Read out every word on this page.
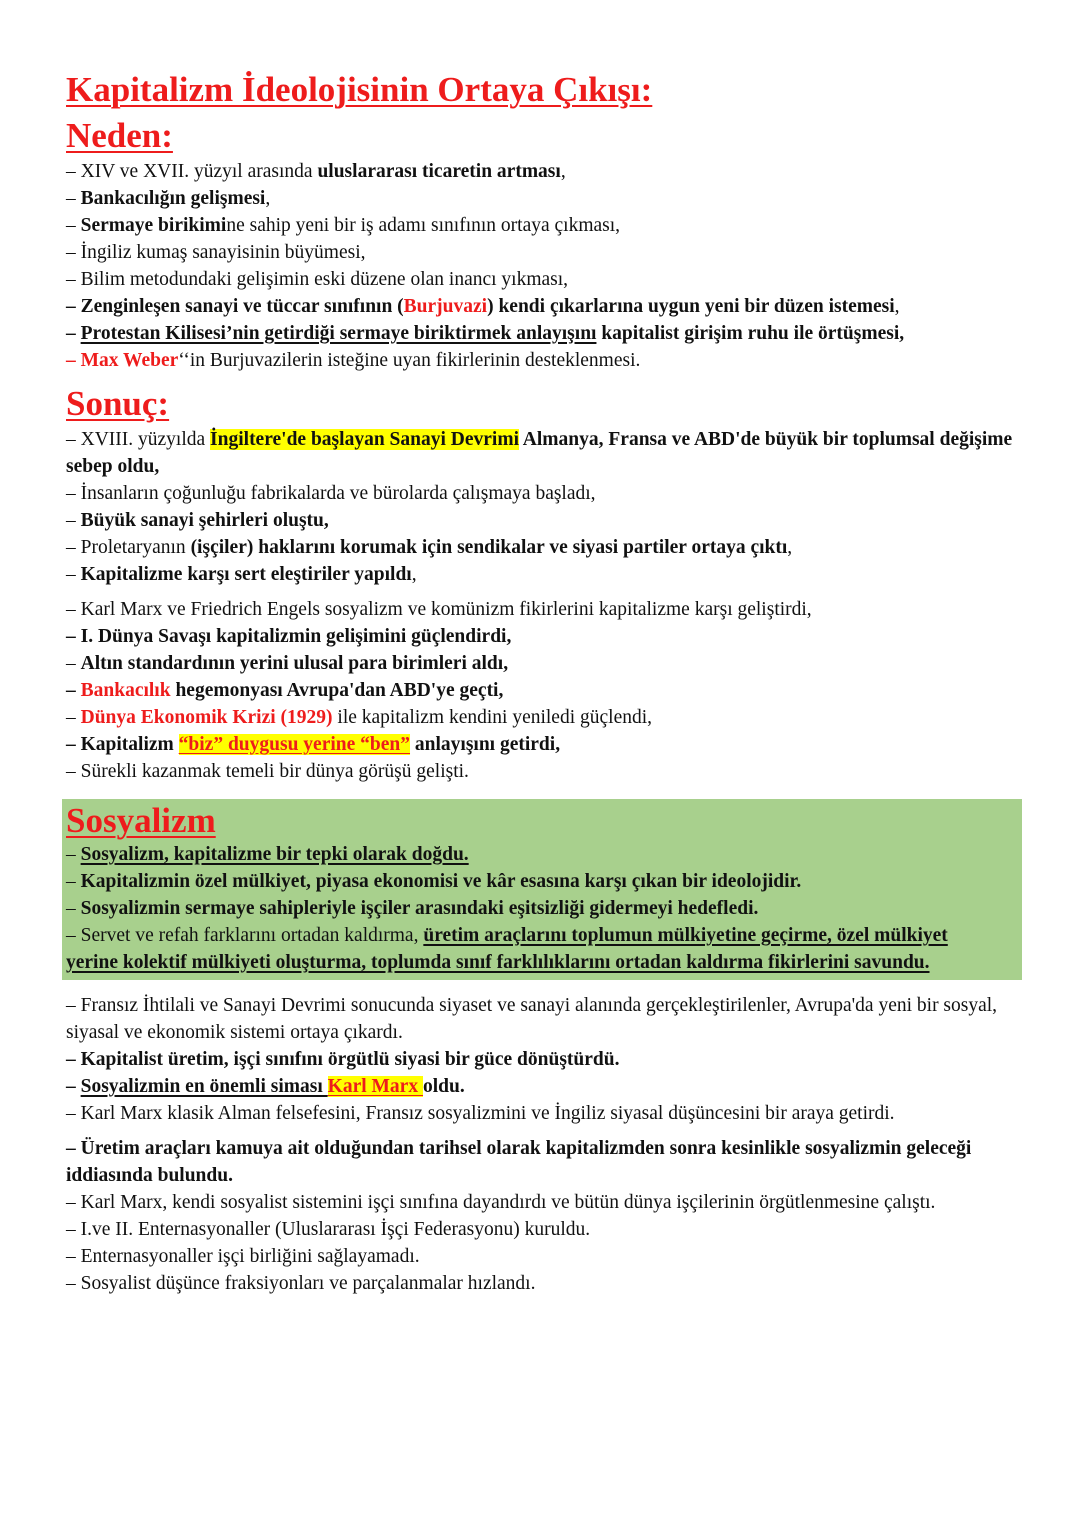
Kapitalizm İdeolojisinin Ortaya Çıkışı:
Neden:

– XIV ve XVII. yüzyıl arasında uluslararası ticaretin artması,

– Bankacılığın gelişmesi,

– Sermaye birikimine sahip yeni bir iş adamı sınıfının ortaya çıkması,

– İngiliz kumaş sanayisinin büyümesi,

– Bilim metodundaki gelişimin eski düzene olan inancı yıkması,

– Zenginleşen sanayi ve tüccar sınıfının (Burjuvazi) kendi çıkarlarına uygun yeni bir düzen istemesi,

– Protestan Kilisesi’nin getirdiği sermaye biriktirmek anlayışını kapitalist girişim ruhu ile örtüşmesi,

– Max Weber‘‘in Burjuvazilerin isteğine uyan fikirlerinin desteklenmesi.

Sonuç:

– XVIII. yüzyılda İngiltere'de başlayan Sanayi Devrimi Almanya, Fransa ve ABD'de büyük bir toplumsal değişime sebep oldu,

– İnsanların çoğunluğu fabrikalarda ve bürolarda çalışmaya başladı,

– Büyük sanayi şehirleri oluştu,

– Proletaryanın (işçiler) haklarını korumak için sendikalar ve siyasi partiler ortaya çıktı,

– Kapitalizme karşı sert eleştiriler yapıldı,

– Karl Marx ve Friedrich Engels sosyalizm ve komünizm fikirlerini kapitalizme karşı geliştirdi,

– I. Dünya Savaşı kapitalizmin gelişimini güçlendirdi,

– Altın standardının yerini ulusal para birimleri aldı,

– Bankacılık hegemonyası Avrupa'dan ABD'ye geçti,

– Dünya Ekonomik Krizi (1929) ile kapitalizm kendini yeniledi güçlendi,

– Kapitalizm “biz” duygusu yerine “ben” anlayışını getirdi,

– Sürekli kazanmak temeli bir dünya görüşü gelişti.

Sosyalizm

– Sosyalizm, kapitalizme bir tepki olarak doğdu.

– Kapitalizmin özel mülkiyet, piyasa ekonomisi ve kâr esasına karşı çıkan bir ideolojidir.

– Sosyalizmin sermaye sahipleriyle işçiler arasındaki eşitsizliği gidermeyi hedefledi.

– Servet ve refah farklarını ortadan kaldırma, üretim araçlarını toplumun mülkiyetine geçirme, özel mülkiyet yerine kolektif mülkiyeti oluşturma, toplumda sınıf farklılıklarını ortadan kaldırma fikirlerini savundu.

– Fransız İhtilali ve Sanayi Devrimi sonucunda siyaset ve sanayi alanında gerçekleştirilenler, Avrupa'da yeni bir sosyal, siyasal ve ekonomik sistemi ortaya çıkardı.

– Kapitalist üretim, işçi sınıfını örgütlü siyasi bir güce dönüştürdü.

– Sosyalizmin en önemli siması Karl Marx oldu.

– Karl Marx klasik Alman felsefesini, Fransız sosyalizmini ve İngiliz siyasal düşüncesini bir araya getirdi.

– Üretim araçları kamuya ait olduğundan tarihsel olarak kapitalizmden sonra kesinlikle sosyalizmin geleceği

iddiasında bulundu.

– Karl Marx, kendi sosyalist sistemini işçi sınıfına dayandırdı ve bütün dünya işçilerinin örgütlenmesine çalıştı.

– I.ve II. Enternasyonaller (Uluslararası İşçi Federasyonu) kuruldu.

– Enternasyonaller işçi birliğini sağlayamadı.

– Sosyalist düşünce fraksiyonları ve parçalanmalar hızlandı.
